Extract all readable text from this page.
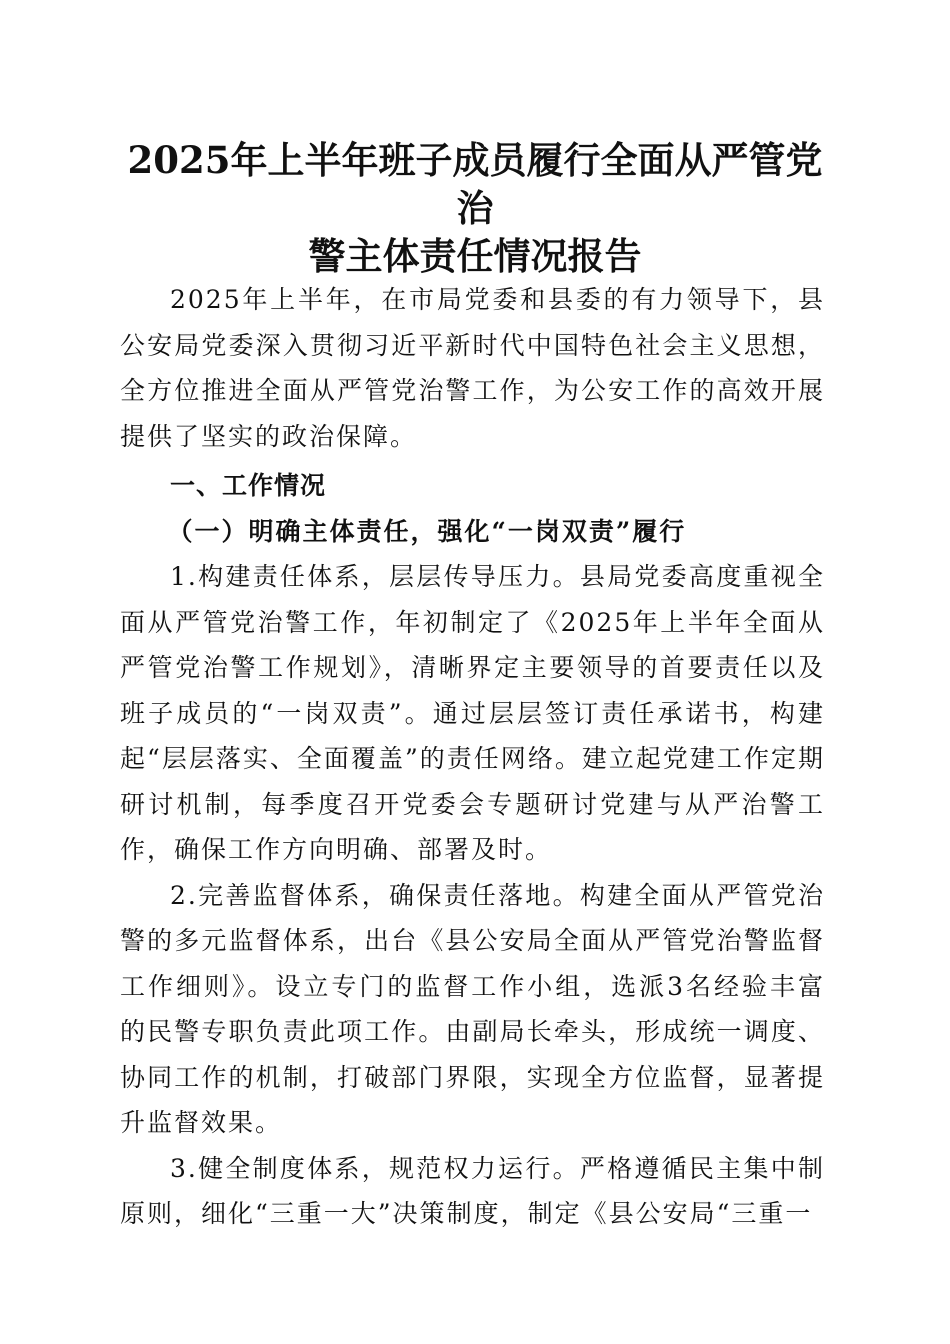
2025年上半年班子成员履行全面从严管党治
警主体责任情况报告

2025年上半年，在市局党委和县委的有力领导下，县公安局党委深入贯彻习近平新时代中国特色社会主义思想，全方位推进全面从严管党治警工作，为公安工作的高效开展提供了坚实的政治保障。

一、工作情况

（一）明确主体责任，强化“一岗双责”履行

1.构建责任体系，层层传导压力。县局党委高度重视全面从严管党治警工作，年初制定了《2025年上半年全面从严管党治警工作规划》，清晰界定主要领导的首要责任以及班子成员的“一岗双责”。通过层层签订责任承诺书，构建起“层层落实、全面覆盖”的责任网络。建立起党建工作定期研讨机制，每季度召开党委会专题研讨党建与从严治警工作，确保工作方向明确、部署及时。

2.完善监督体系，确保责任落地。构建全面从严管党治警的多元监督体系，出台《县公安局全面从严管党治警监督工作细则》。设立专门的监督工作小组，选派3名经验丰富的民警专职负责此项工作。由副局长牵头，形成统一调度、协同工作的机制，打破部门界限，实现全方位监督，显著提升监督效果。

3.健全制度体系，规范权力运行。严格遵循民主集中制原则，细化“三重一大”决策制度，制定《县公安局“三重一
